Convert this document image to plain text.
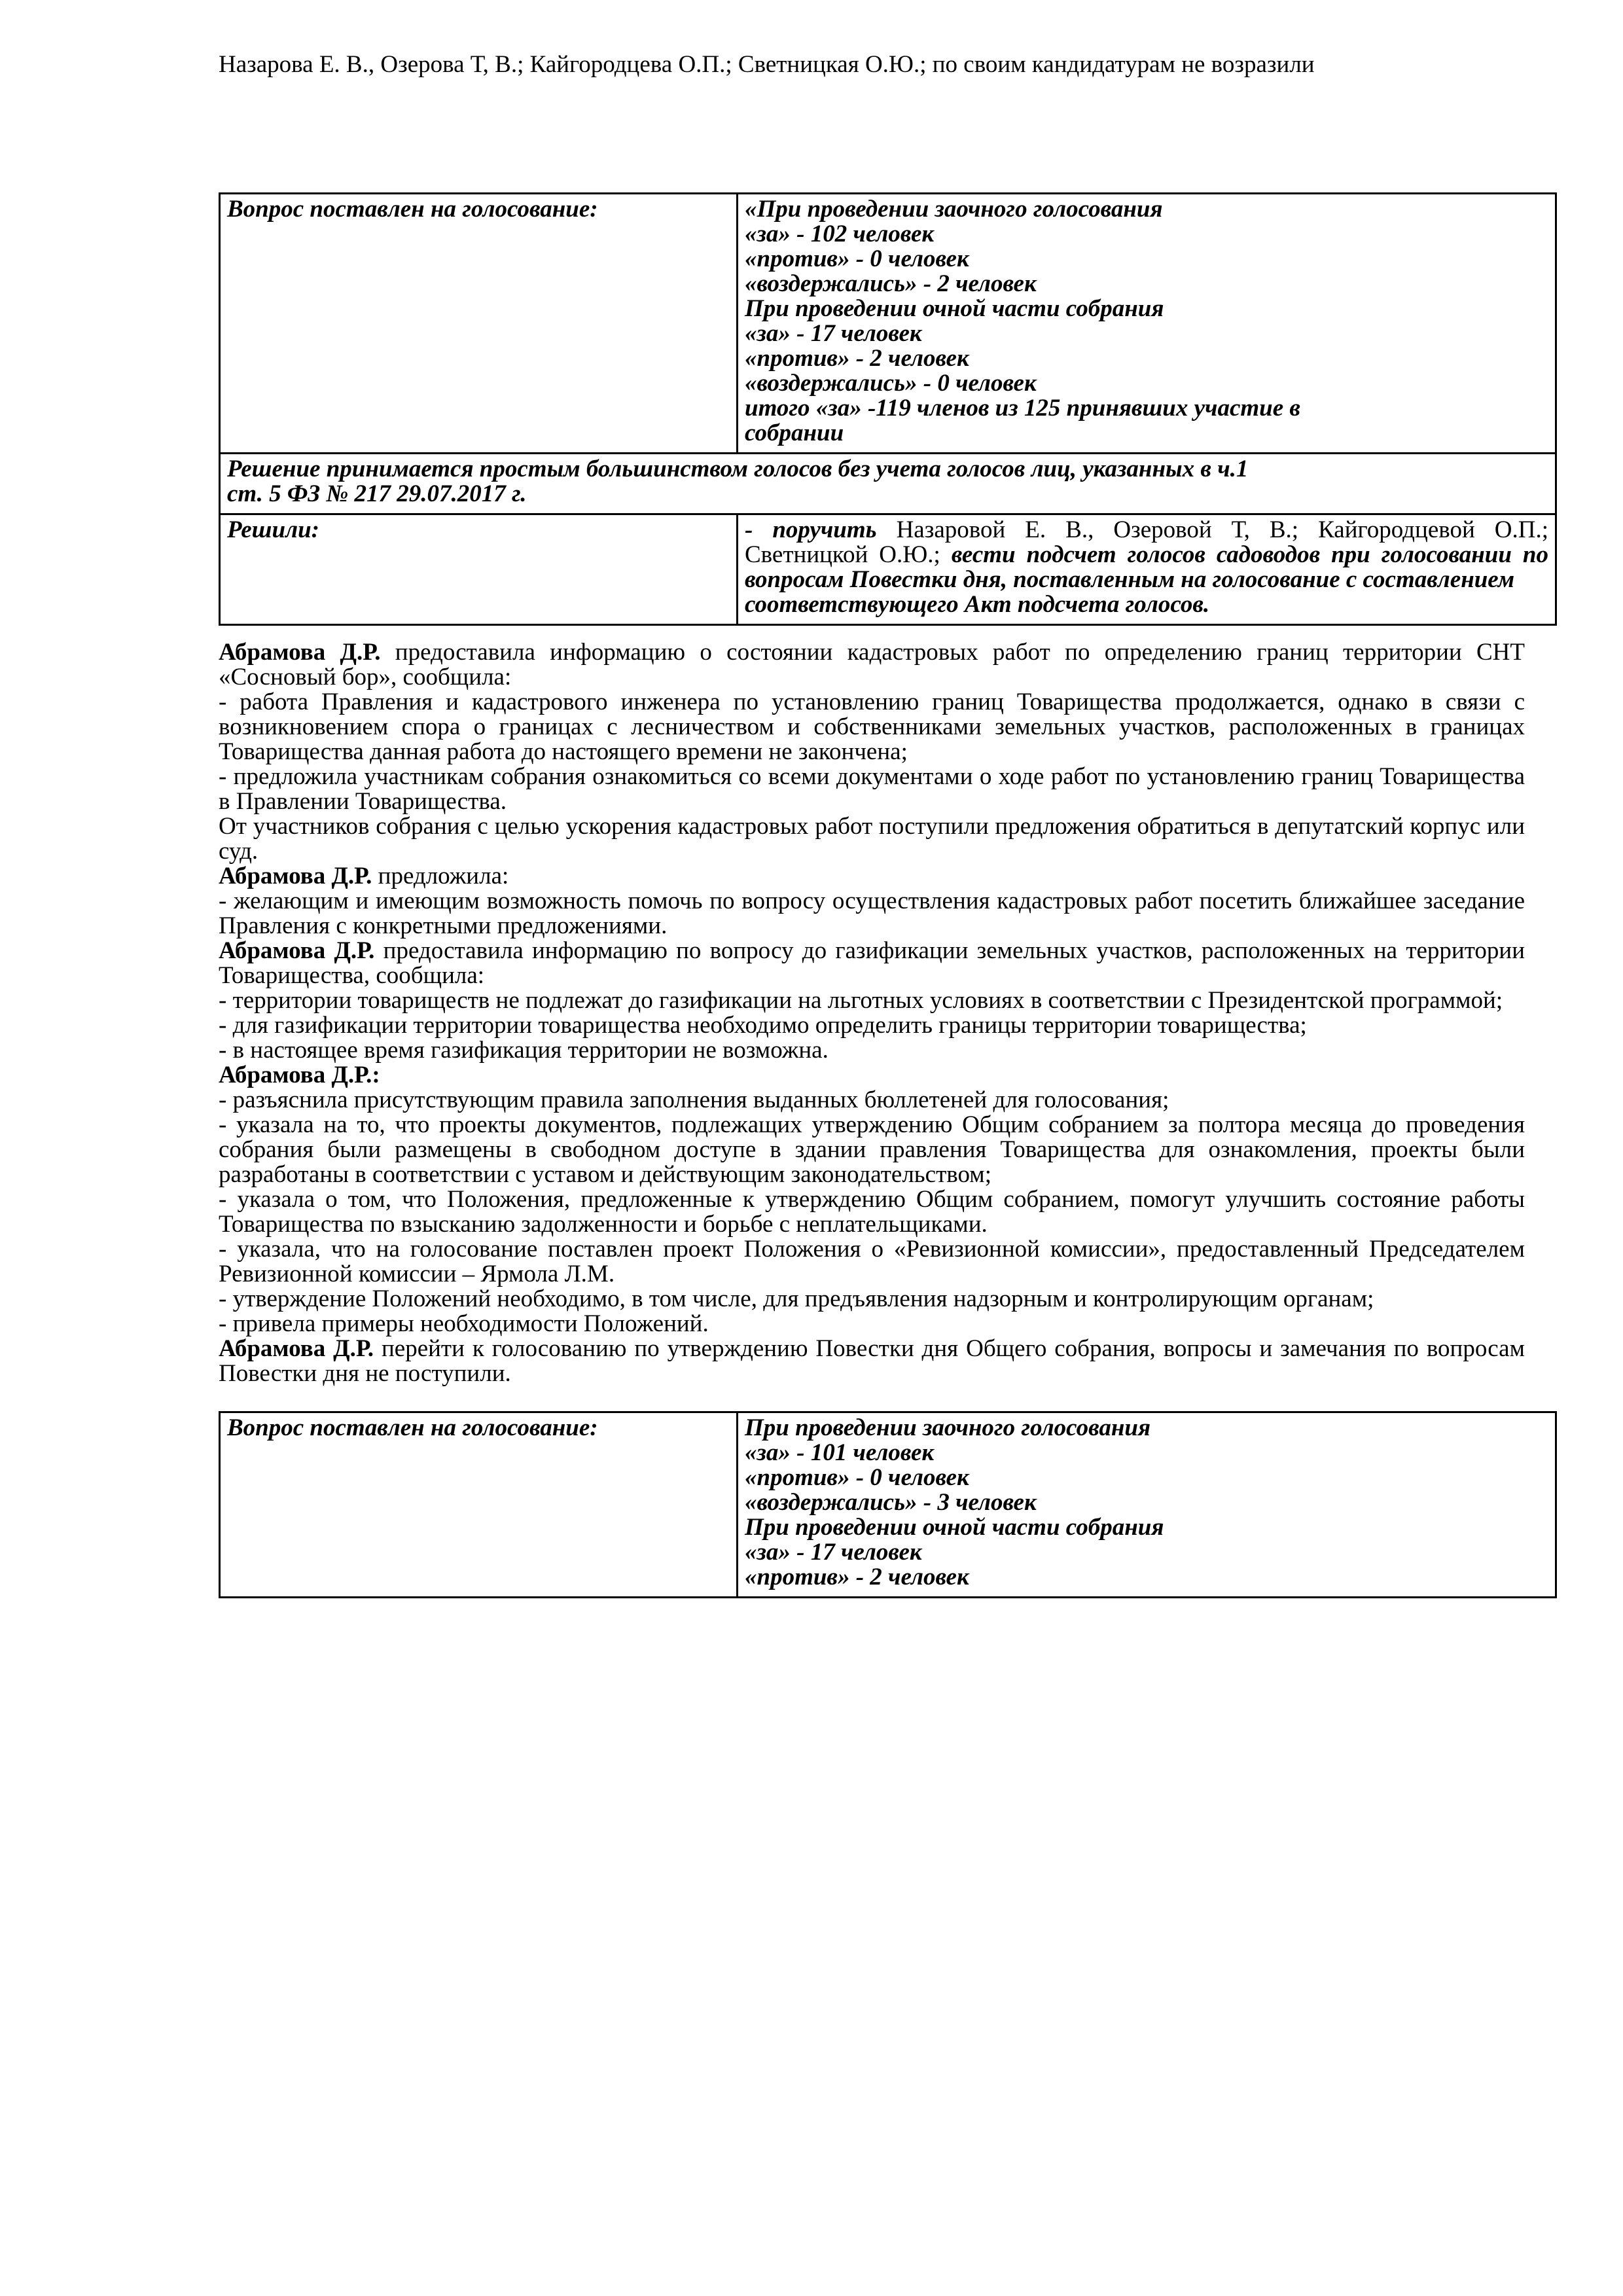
Назарова Е. В., Озерова Т, В.; Кайгородцева О.П.; Светницкая О.Ю.; по своим кандидатурам не возразили

Вопрос поставлен на голосование:	«При проведении заочного голосования
«за» - 102 человек
«против» - 0 человек
«воздержались» - 2 человек
При проведении очной части собрания
«за» - 17 человек
«против» - 2 человек
«воздержались» - 0 человек
итого «за» -119 членов из 125 принявших участие в
собрании

Решение принимается простым большинством голосов без учета голосов лиц, указанных в ч.1
ст. 5 ФЗ № 217 29.07.2017 г.	

Решили:	- поручить Назаровой Е. В., Озеровой Т, В.; Кайгородцевой О.П.; Светницкой О.Ю.; вести подсчет голосов садоводов при голосовании по вопросам Повестки дня, поставленным на голосование с составлением
соответствующего Акт подсчета голосов.

Абрамова Д.Р. предоставила информацию о состоянии кадастровых работ по определению границ территории СНТ «Сосновый бор», сообщила:

- работа Правления и кадастрового инженера по установлению границ Товарищества продолжается, однако в связи с возникновением спора о границах с лесничеством и собственниками земельных участков, расположенных в границах Товарищества данная работа до настоящего времени не закончена;

- предложила участникам собрания ознакомиться со всеми документами о ходе работ по установлению границ Товарищества в Правлении Товарищества.

От участников собрания с целью ускорения кадастровых работ поступили предложения обратиться в депутатский корпус или суд.

Абрамова Д.Р. предложила:

- желающим и имеющим возможность помочь по вопросу осуществления кадастровых работ посетить ближайшее заседание Правления с конкретными предложениями.

Абрамова Д.Р. предоставила информацию по вопросу до газификации земельных участков, расположенных на территории Товарищества, сообщила:

- территории товариществ не подлежат до газификации на льготных условиях в соответствии с Президентской программой;

- для газификации территории товарищества необходимо определить границы территории товарищества;

- в настоящее время газификация территории не возможна.

Абрамова Д.Р.:

- разъяснила присутствующим правила заполнения выданных бюллетеней для голосования;

- указала на то, что проекты документов, подлежащих утверждению Общим собранием за полтора месяца до проведения собрания были размещены в свободном доступе в здании правления Товарищества для ознакомления, проекты были разработаны в соответствии с уставом и действующим законодательством;

- указала о том, что Положения, предложенные к утверждению Общим собранием, помогут улучшить состояние работы Товарищества по взысканию задолженности и борьбе с неплательщиками.

- указала, что на голосование поставлен проект Положения о «Ревизионной комиссии», предоставленный Председателем Ревизионной комиссии – Ярмола Л.М.

- утверждение Положений необходимо, в том числе, для предъявления надзорным и контролирующим органам;

- привела примеры необходимости Положений.

Абрамова Д.Р. перейти к голосованию по утверждению Повестки дня Общего собрания, вопросы и замечания по вопросам Повестки дня не поступили.

Вопрос поставлен на голосование:	При проведении заочного голосования
«за» - 101 человек
«против» - 0 человек
«воздержались» - 3 человек
При проведении очной части собрания
«за» - 17 человек
«против» - 2 человек
